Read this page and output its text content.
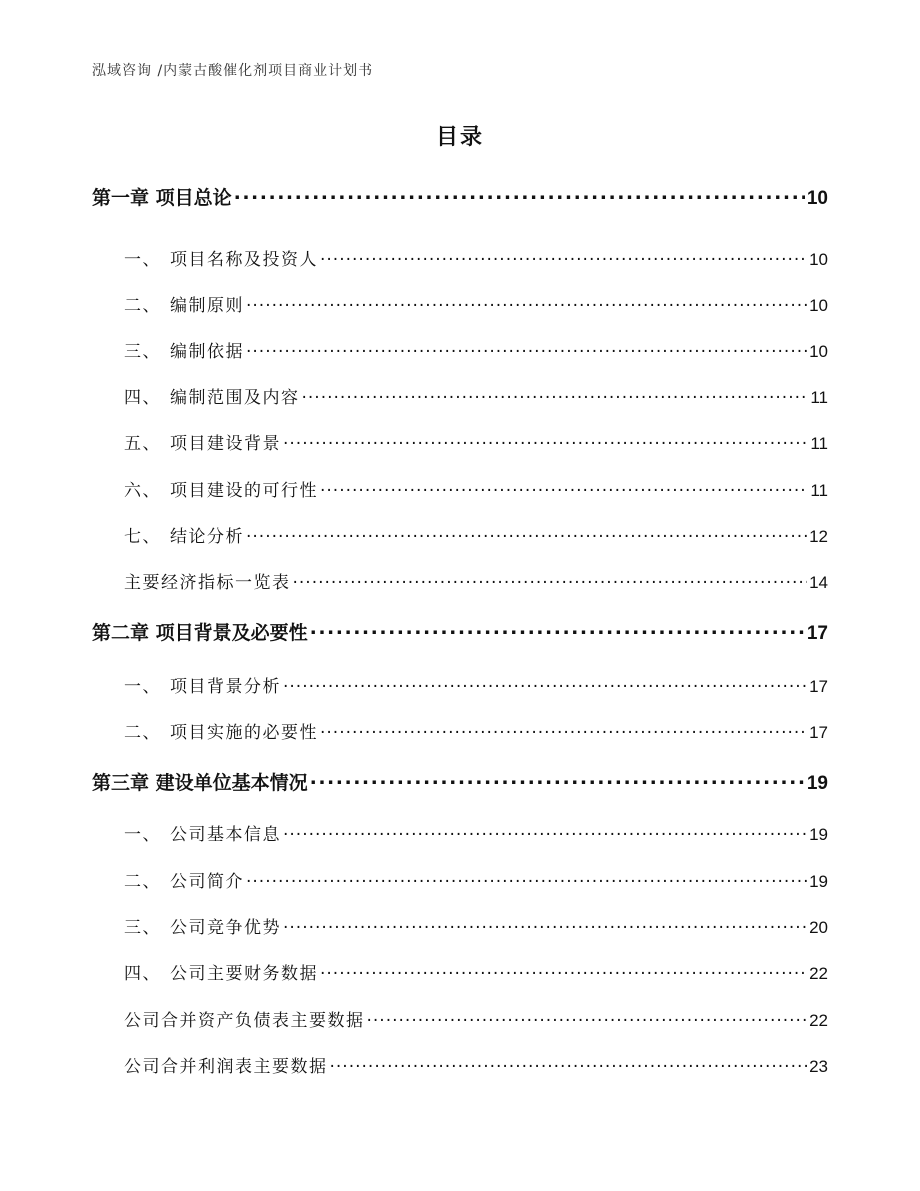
泓域咨询 /内蒙古酸催化剂项目商业计划书
目录
第一章 项目总论 .....	10
一、 项目名称及投资人 .....	10
二、 编制原则 .....	10
三、 编制依据 .....	10
四、 编制范围及内容 .....	11
五、 项目建设背景 .....	11
六、 项目建设的可行性 .....	11
七、 结论分析 .....	12
主要经济指标一览表 .....	14
第二章 项目背景及必要性 .....	17
一、 项目背景分析 .....	17
二、 项目实施的必要性 .....	17
第三章 建设单位基本情况 .....	19
一、 公司基本信息 .....	19
二、 公司简介 .....	19
三、 公司竞争优势 .....	20
四、 公司主要财务数据 .....	22
公司合并资产负债表主要数据 .....	22
公司合并利润表主要数据 .....	23
